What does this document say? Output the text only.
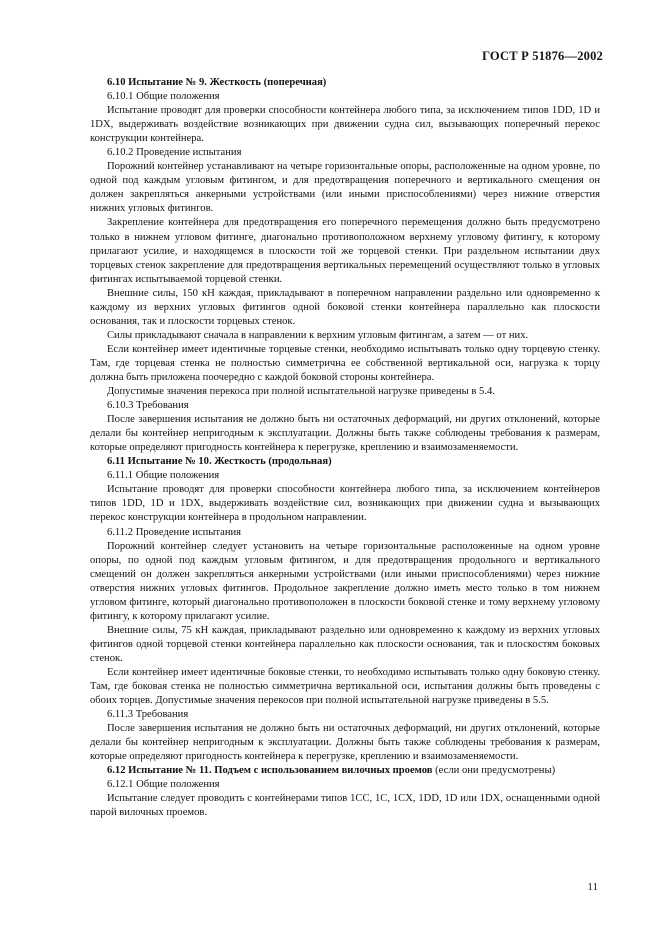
ГОСТ Р 51876—2002

6.10 Испытание № 9. Жесткость (поперечная)

6.10.1 Общие положения

Испытание проводят для проверки способности контейнера любого типа, за исключением типов 1DD, 1D и 1DX, выдерживать воздействие возникающих при движении судна сил, вызывающих поперечный перекос конструкции контейнера.

6.10.2 Проведение испытания

Порожний контейнер устанавливают на четыре горизонтальные опоры, расположенные на одном уровне, по одной под каждым угловым фитингом, и для предотвращения поперечного и вертикального смещения он должен закрепляться анкерными устройствами (или иными приспособлениями) через нижние отверстия нижних угловых фитингов.

Закрепление контейнера для предотвращения его поперечного перемещения должно быть предусмотрено только в нижнем угловом фитинге, диагонально противоположном верхнему угловому фитингу, к которому прилагают усилие, и находящемся в плоскости той же торцевой стенки. При раздельном испытании двух торцевых стенок закрепление для предотвращения вертикальных перемещений осуществляют только в угловых фитингах испытываемой торцевой стенки.

Внешние силы, 150 кН каждая, прикладывают в поперечном направлении раздельно или одновременно к каждому из верхних угловых фитингов одной боковой стенки контейнера параллельно как плоскости основания, так и плоскости торцевых стенок.

Силы прикладывают сначала в направлении к верхним угловым фитингам, а затем — от них.

Если контейнер имеет идентичные торцевые стенки, необходимо испытывать только одну торцевую стенку. Там, где торцевая стенка не полностью симметрична ее собственной вертикальной оси, нагрузка к торцу должна быть приложена поочередно с каждой боковой стороны контейнера.

Допустимые значения перекоса при полной испытательной нагрузке приведены в 5.4.

6.10.3 Требования

После завершения испытания не должно быть ни остаточных деформаций, ни других отклонений, которые делали бы контейнер непригодным к эксплуатации. Должны быть также соблюдены требования к размерам, которые определяют пригодность контейнера к перегрузке, креплению и взаимозаменяемости.

6.11 Испытание № 10. Жесткость (продольная)

6.11.1 Общие положения

Испытание проводят для проверки способности контейнера любого типа, за исключением контейнеров типов 1DD, 1D и 1DX, выдерживать воздействие сил, возникающих при движении судна и вызывающих перекос конструкции контейнера в продольном направлении.

6.11.2 Проведение испытания

Порожний контейнер следует установить на четыре горизонтальные расположенные на одном уровне опоры, по одной под каждым угловым фитингом, и для предотвращения продольного и вертикального смещений он должен закрепляться анкерными устройствами (или иными приспособлениями) через нижние отверстия нижних угловых фитингов. Продольное закрепление должно иметь место только в том нижнем угловом фитинге, который диагонально противоположен в плоскости боковой стенке и тому верхнему угловому фитингу, к которому прилагают усилие.

Внешние силы, 75 кН каждая, прикладывают раздельно или одновременно к каждому из верхних угловых фитингов одной торцевой стенки контейнера параллельно как плоскости основания, так и плоскостям боковых стенок.

Если контейнер имеет идентичные боковые стенки, то необходимо испытывать только одну боковую стенку. Там, где боковая стенка не полностью симметрична вертикальной оси, испытания должны быть проведены с обоих торцев. Допустимые значения перекосов при полной испытательной нагрузке приведены в 5.5.

6.11.3 Требования

После завершения испытания не должно быть ни остаточных деформаций, ни других отклонений, которые делали бы контейнер непригодным к эксплуатации. Должны быть также соблюдены требования к размерам, которые определяют пригодность контейнера к перегрузке, креплению и взаимозаменяемости.

6.12 Испытание № 11. Подъем с использованием вилочных проемов (если они предусмотрены)

6.12.1 Общие положения

Испытание следует проводить с контейнерами типов 1CC, 1C, 1CX, 1DD, 1D или 1DX, оснащенными одной парой вилочных проемов.

11
